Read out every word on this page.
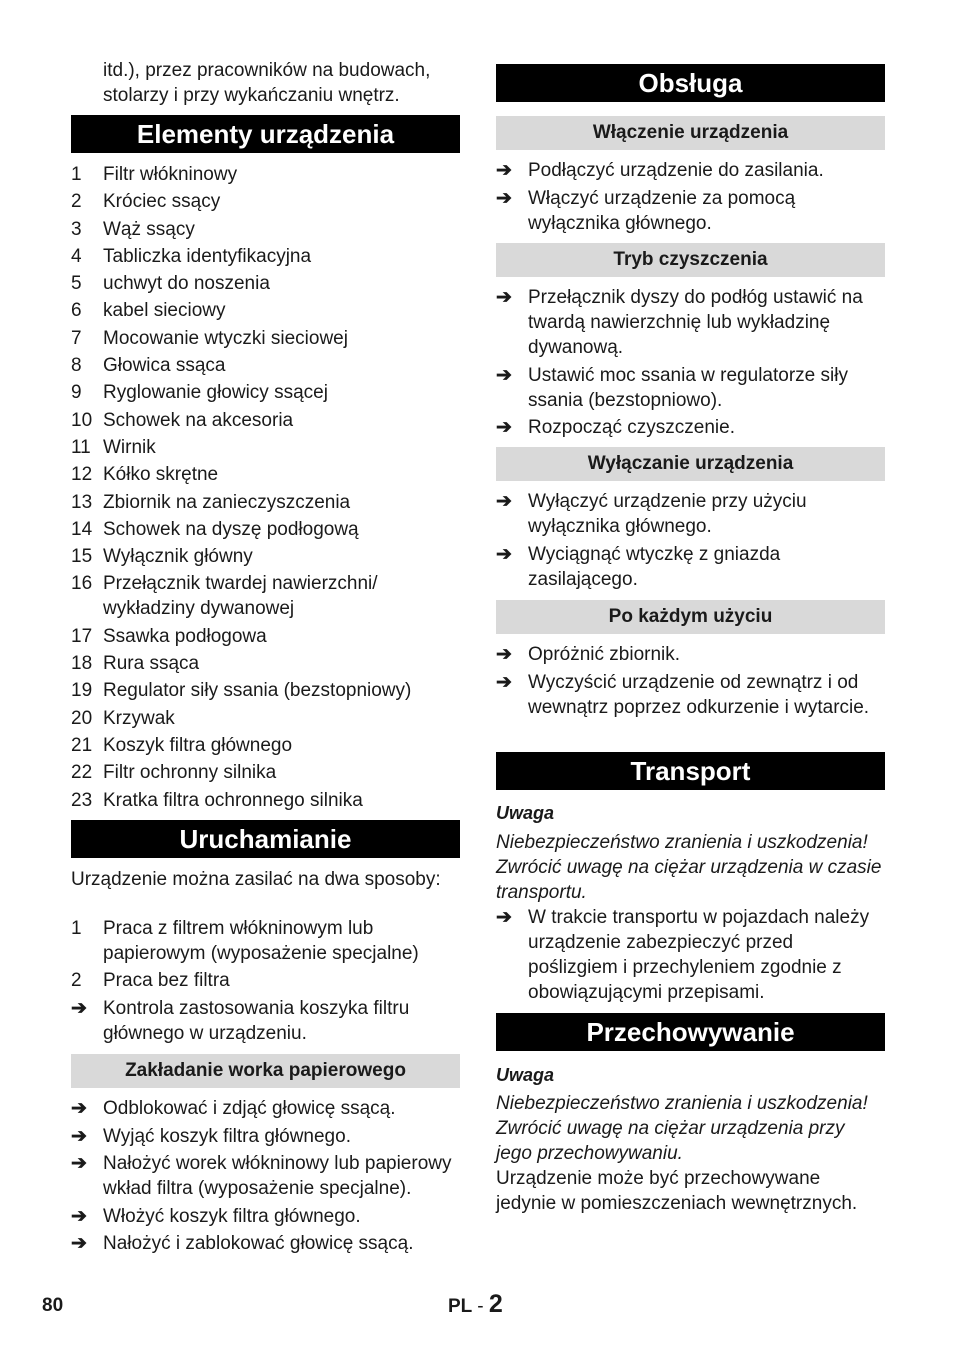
itd.), przez pracowników na budowach, stolarzy i przy wykańczaniu wnętrz.
Elementy urządzenia
1 Filtr włókninowy
2 Króciec ssący
3 Wąż ssący
4 Tabliczka identyfikacyjna
5 uchwyt do noszenia
6 kabel sieciowy
7 Mocowanie wtyczki sieciowej
8 Głowica ssąca
9 Ryglowanie głowicy ssącej
10 Schowek na akcesoria
11 Wirnik
12 Kółko skrętne
13 Zbiornik na zanieczyszczenia
14 Schowek na dyszę podłogową
15 Wyłącznik główny
16 Przełącznik twardej nawierzchni/ wykładziny dywanowej
17 Ssawka podłogowa
18 Rura ssąca
19 Regulator siły ssania (bezstopniowy)
20 Krzywak
21 Koszyk filtra głównego
22 Filtr ochronny silnika
23 Kratka filtra ochronnego silnika
Uruchamianie
Urządzenie można zasilać na dwa sposoby:
1 Praca z filtrem włókninowym lub papierowym (wyposażenie specjalne)
2 Praca bez filtra
➔ Kontrola zastosowania koszyka filtru głównego w urządzeniu.
Zakładanie worka papierowego
➔ Odblokować i zdjąć głowicę ssącą.
➔ Wyjąć koszyk filtra głównego.
➔ Nałożyć worek włókninowy lub papierowy wkład filtra (wyposażenie specjalne).
➔ Włożyć koszyk filtra głównego.
➔ Nałożyć i zablokować głowicę ssącą.
Obsługa
Włączenie urządzenia
➔ Podłączyć urządzenie do zasilania.
➔ Włączyć urządzenie za pomocą wyłącznika głównego.
Tryb czyszczenia
➔ Przełącznik dyszy do podłóg ustawić na twardą nawierzchnię lub wykładzinę dywanową.
➔ Ustawić moc ssania w regulatorze siły ssania (bezstopniowo).
➔ Rozpocząć czyszczenie.
Wyłączanie urządzenia
➔ Wyłączyć urządzenie przy użyciu wyłącznika głównego.
➔ Wyciągnąć wtyczkę z gniazda zasilającego.
Po każdym użyciu
➔ Opróżnić zbiornik.
➔ Wyczyścić urządzenie od zewnątrz i od wewnątrz poprzez odkurzenie i wytarcie.
Transport
Uwaga
Niebezpieczeństwo zranienia i uszkodzenia! Zwrócić uwagę na ciężar urządzenia w czasie transportu.
➔ W trakcie transportu w pojazdach należy urządzenie zabezpieczyć przed poślizgiem i przechyleniem zgodnie z obowiązującymi przepisami.
Przechowywanie
Uwaga
Niebezpieczeństwo zranienia i uszkodzenia! Zwrócić uwagę na ciężar urządzenia przy jego przechowywaniu.
Urządzenie może być przechowywane jedynie w pomieszczeniach wewnętrznych.
80	PL - 2
